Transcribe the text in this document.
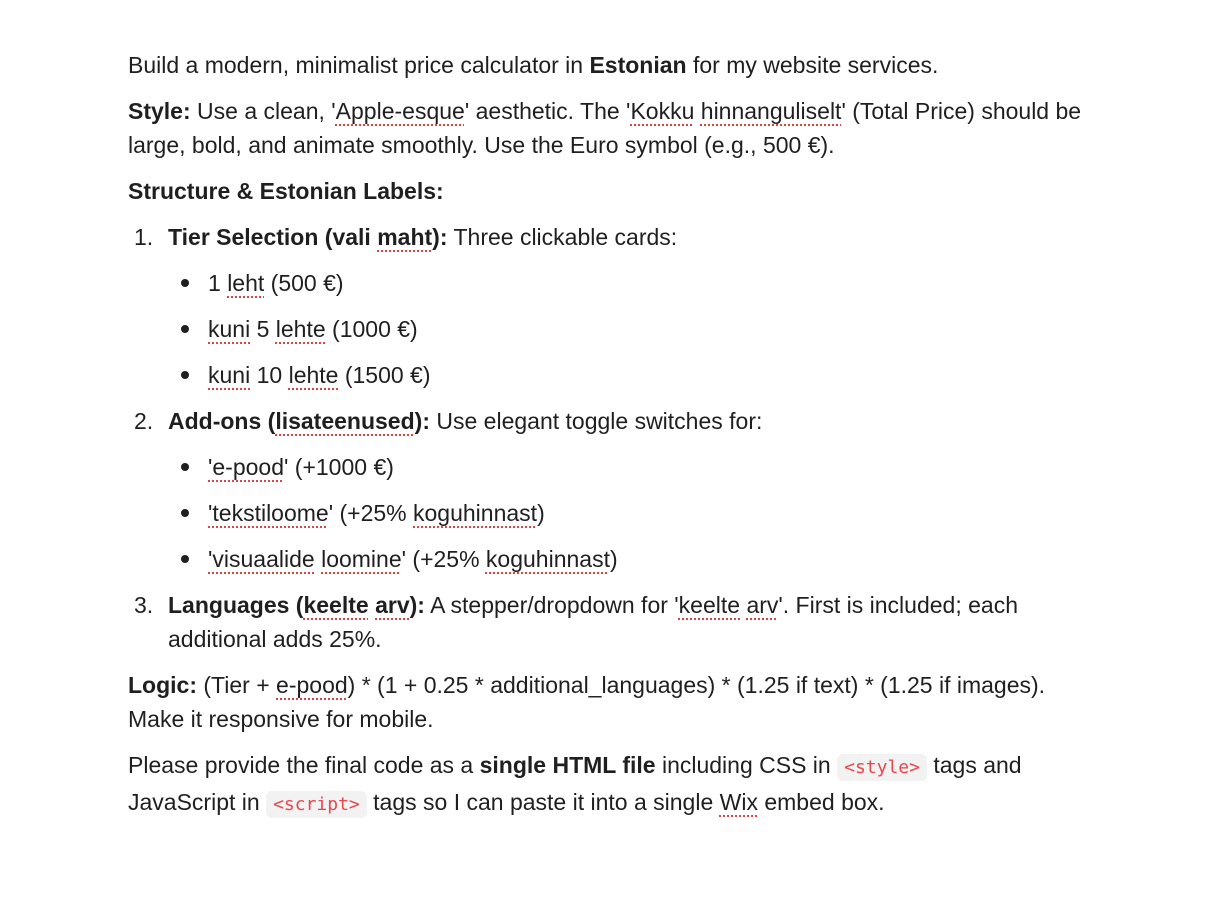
Build a modern, minimalist price calculator in Estonian for my website services.

Style: Use a clean, 'Apple-esque' aesthetic. The 'Kokku hinnanguliselt' (Total Price) should be large, bold, and animate smoothly. Use the Euro symbol (e.g., 500 €).

Structure & Estonian Labels:

1. Tier Selection (vali maht): Three clickable cards:
1 leht (500 €)
kuni 5 lehte (1000 €)
kuni 10 lehte (1500 €)
2. Add-ons (lisateenused): Use elegant toggle switches for:
'e-pood' (+1000 €)
'tekstiloome' (+25% koguhinnast)
'visuaalide loomine' (+25% koguhinnast)
3. Languages (keelte arv): A stepper/dropdown for 'keelte arv'. First is included; each additional adds 25%.

Logic: (Tier + e-pood) * (1 + 0.25 * additional_languages) * (1.25 if text) * (1.25 if images). Make it responsive for mobile.

Please provide the final code as a single HTML file including CSS in <style> tags and JavaScript in <script> tags so I can paste it into a single Wix embed box.
